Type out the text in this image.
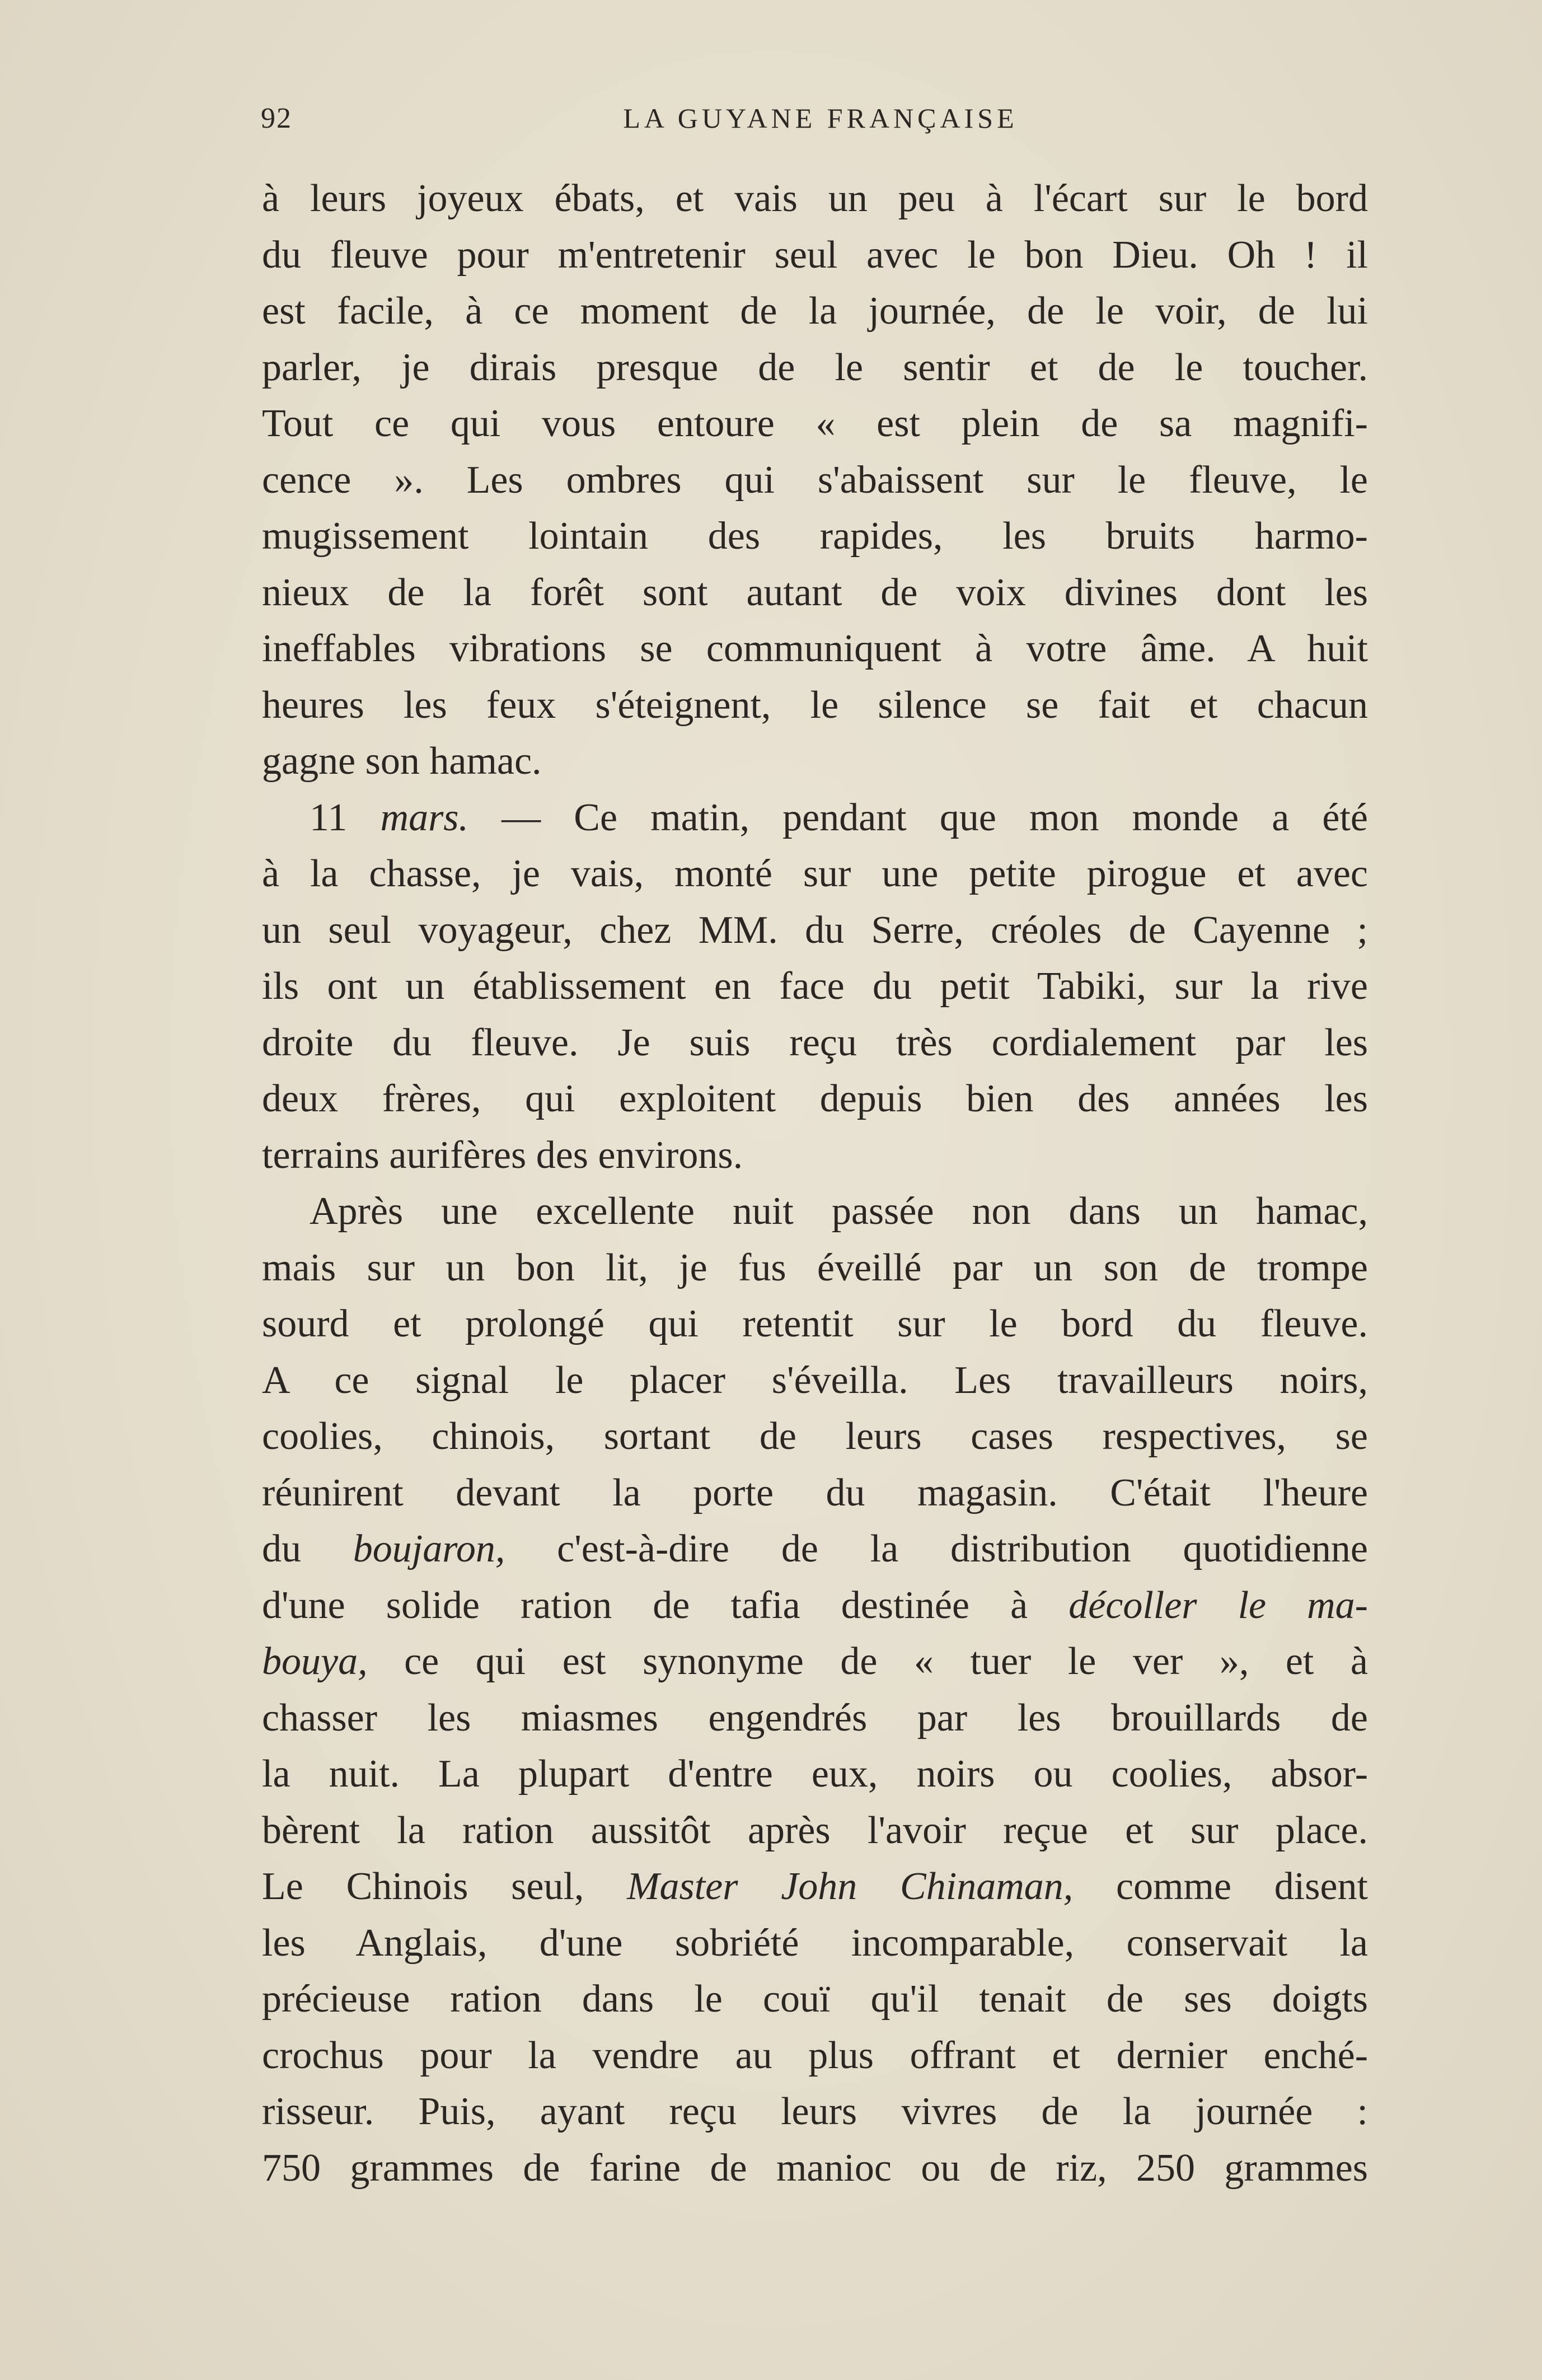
92	LA GUYANE FRANÇAISE
à leurs joyeux ébats, et vais un peu à l'écart sur le bord
du fleuve pour m'entretenir seul avec le bon Dieu. Oh ! il
est facile, à ce moment de la journée, de le voir, de lui
parler, je dirais presque de le sentir et de le toucher.
Tout ce qui vous entoure « est plein de sa magnifi-
cence ». Les ombres qui s'abaissent sur le fleuve, le
mugissement lointain des rapides, les bruits harmo-
nieux de la forêt sont autant de voix divines dont les
ineffables vibrations se communiquent à votre âme. A huit
heures les feux s'éteignent, le silence se fait et chacun
gagne son hamac.
11 mars. — Ce matin, pendant que mon monde a été
à la chasse, je vais, monté sur une petite pirogue et avec
un seul voyageur, chez MM. du Serre, créoles de Cayenne ;
ils ont un établissement en face du petit Tabiki, sur la rive
droite du fleuve. Je suis reçu très cordialement par les
deux frères, qui exploitent depuis bien des années les
terrains aurifères des environs.
Après une excellente nuit passée non dans un hamac,
mais sur un bon lit, je fus éveillé par un son de trompe
sourd et prolongé qui retentit sur le bord du fleuve.
A ce signal le placer s'éveilla. Les travailleurs noirs,
coolies, chinois, sortant de leurs cases respectives, se
réunirent devant la porte du magasin. C'était l'heure
du boujaron, c'est-à-dire de la distribution quotidienne
d'une solide ration de tafia destinée à décoller le ma-
bouya, ce qui est synonyme de « tuer le ver », et à
chasser les miasmes engendrés par les brouillards de
la nuit. La plupart d'entre eux, noirs ou coolies, absor-
bèrent la ration aussitôt après l'avoir reçue et sur place.
Le Chinois seul, Master John Chinaman, comme disent
les Anglais, d'une sobriété incomparable, conservait la
précieuse ration dans le couï qu'il tenait de ses doigts
crochus pour la vendre au plus offrant et dernier enché-
risseur. Puis, ayant reçu leurs vivres de la journée :
750 grammes de farine de manioc ou de riz, 250 grammes
